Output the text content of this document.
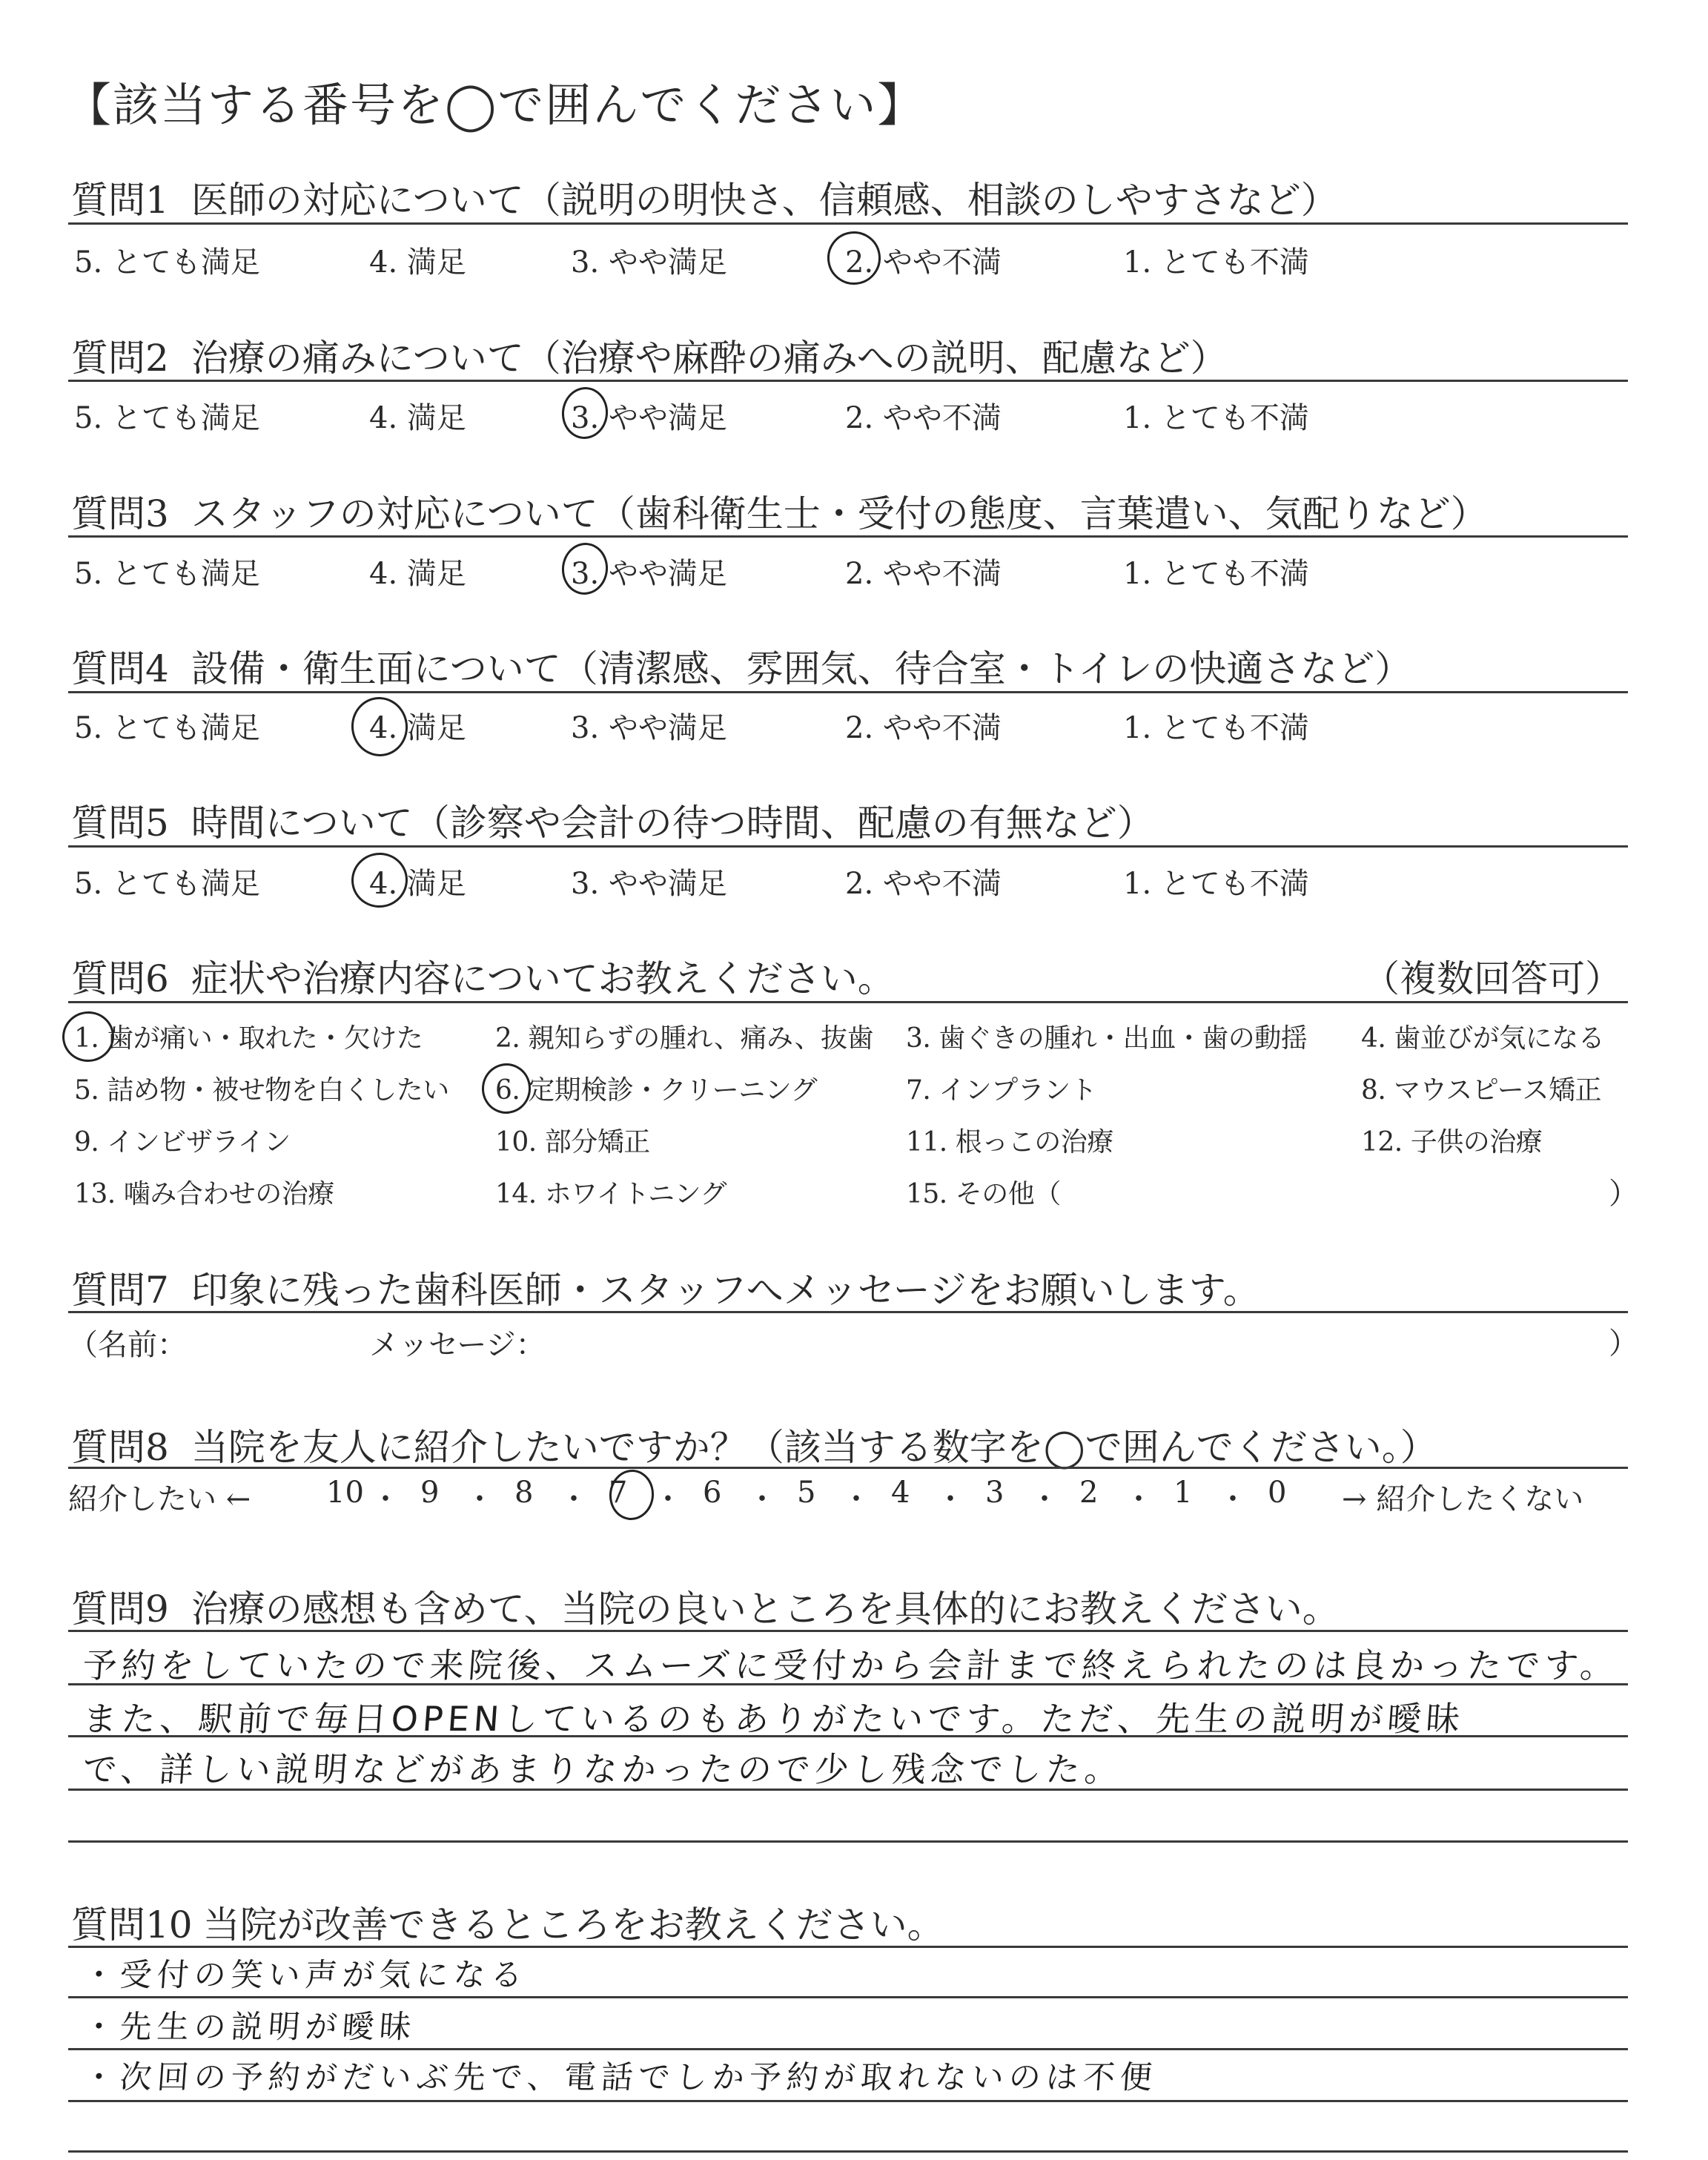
【該当する番号を◯で囲んでください】
質問1 医師の対応について（説明の明快さ、信頼感、相談のしやすさなど）
5. とても満足	4. 満足	3. やや満足	2. やや不満	1. とても不満
質問2 治療の痛みについて（治療や麻酔の痛みへの説明、配慮など）
5. とても満足	4. 満足	3. やや満足	2. やや不満	1. とても不満
質問3 スタッフの対応について（歯科衛生士・受付の態度、言葉遣い、気配りなど）
5. とても満足	4. 満足	3. やや満足	2. やや不満	1. とても不満
質問4 設備・衛生面について（清潔感、雰囲気、待合室・トイレの快適さなど）
5. とても満足	4. 満足	3. やや満足	2. やや不満	1. とても不満
質問5 時間について（診察や会計の待つ時間、配慮の有無など）
5. とても満足	4. 満足	3. やや満足	2. やや不満	1. とても不満
質問6 症状や治療内容についてお教えください。	（複数回答可）
1. 歯が痛い・取れた・欠けた	2. 親知らずの腫れ、痛み、抜歯 3. 歯ぐきの腫れ・出血・歯の動揺 4. 歯並びが気になる
5. 詰め物・被せ物を白くしたい 6. 定期検診・クリーニング	7. インプラント	8. マウスピース矯正
9. インビザライン	10. 部分矯正	11. 根っこの治療	12. 子供の治療
13. 噛み合わせの治療	14. ホワイトニング	15. その他（	）
質問7 印象に残った歯科医師・スタッフへメッセージをお願いします。
（名前：	メッセージ：	）
質問8 当院を友人に紹介したいですか？（該当する数字を◯で囲んでください。）
紹介したい ←	→ 紹介したくない
10 ・ 9 ・ 8 ・ 7 ・ 6 ・ 5 ・ 4 ・ 3 ・ 2 ・ 1 ・ 0
質問9 治療の感想も含めて、当院の良いところを具体的にお教えください。
予約をしていたので来院後、スムーズに受付から会計まで終えられたのは良かったです。
また、駅前で毎日OPENしているのもありがたいです。ただ、先生の説明が曖昧
で、詳しい説明などがあまりなかったので少し残念でした。
質問10 当院が改善できるところをお教えください。
・受付の笑い声が気になる
・先生の説明が曖昧
・次回の予約がだいぶ先で、電話でしか予約が取れないのは不便
